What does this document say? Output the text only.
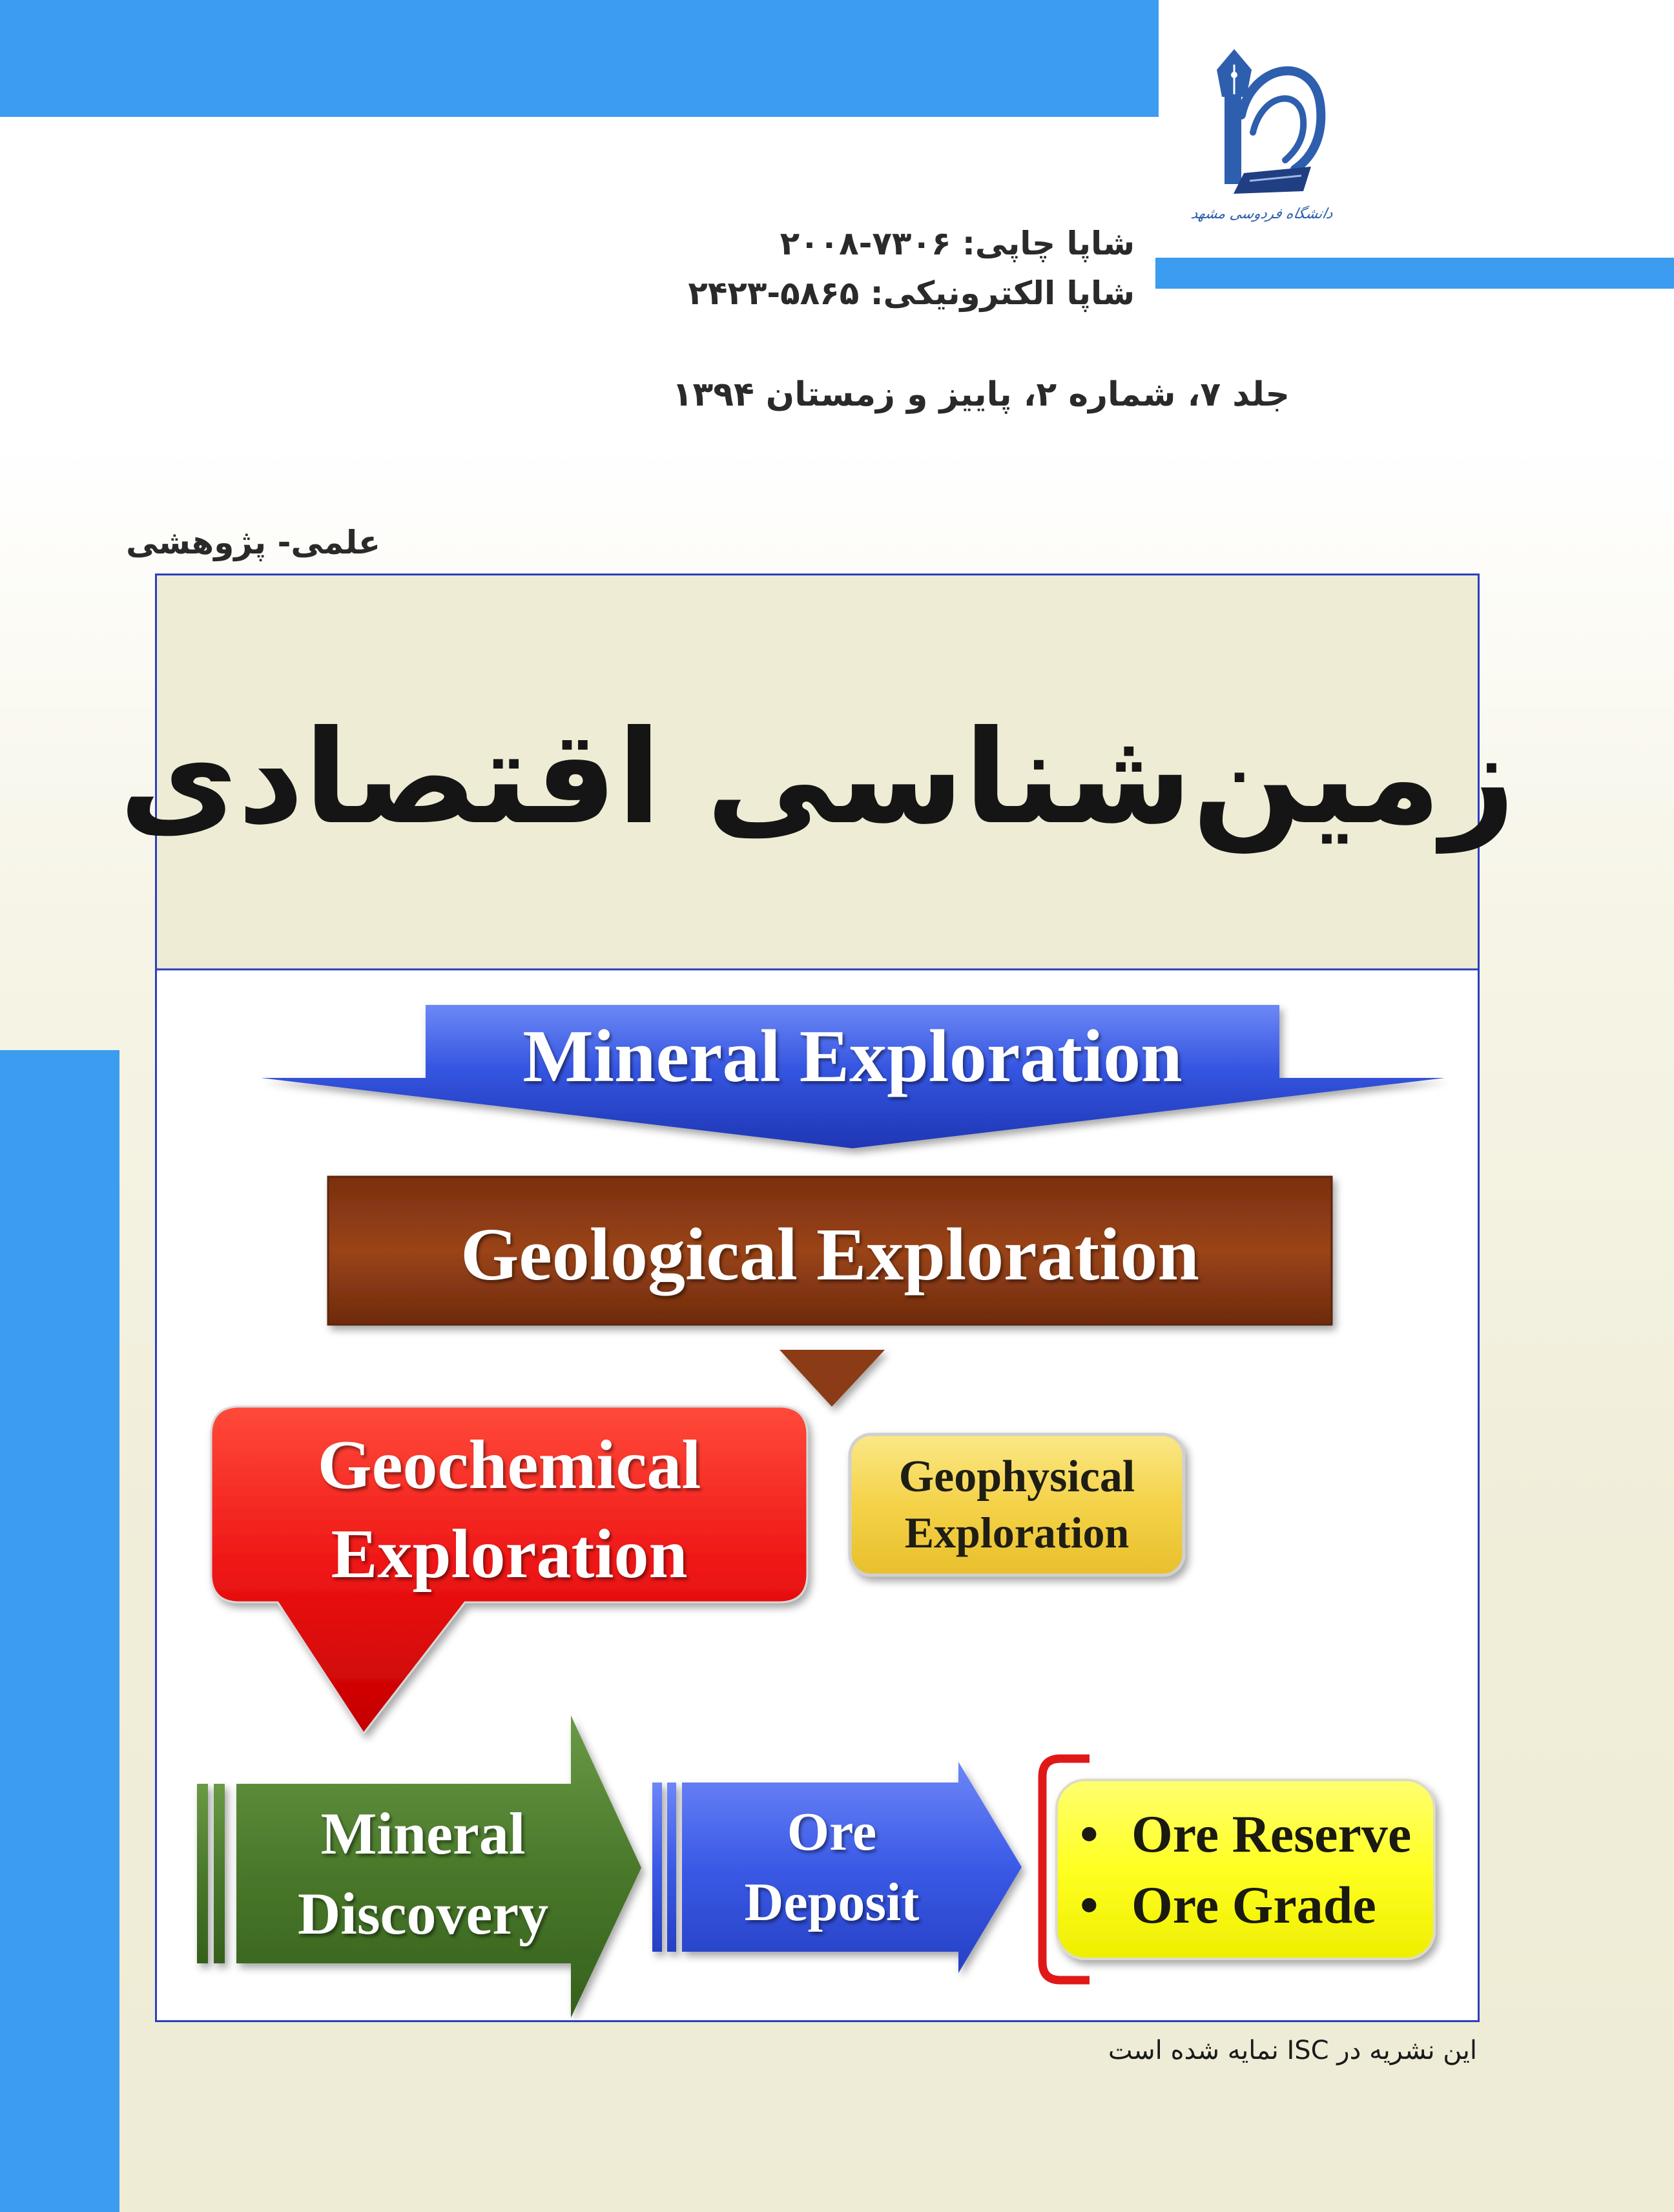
دانشگاه فردوسی مشهد
شاپا چاپی: ۲۰۰۸-۷۳۰۶
شاپا الکترونیکی: ۲۴۲۳-۵۸۶۵
جلد ۷، شماره ۲، پاییز و زمستان ۱۳۹۴
علمی- پژوهشی
زمین‌شناسی اقتصادی
Mineral Exploration
Geological Exploration
Geochemical
Exploration
Geophysical
Exploration
Mineral
Discovery
Ore
Deposit
• Ore Reserve
• Ore Grade
این نشریه در ISC نمایه شده است
